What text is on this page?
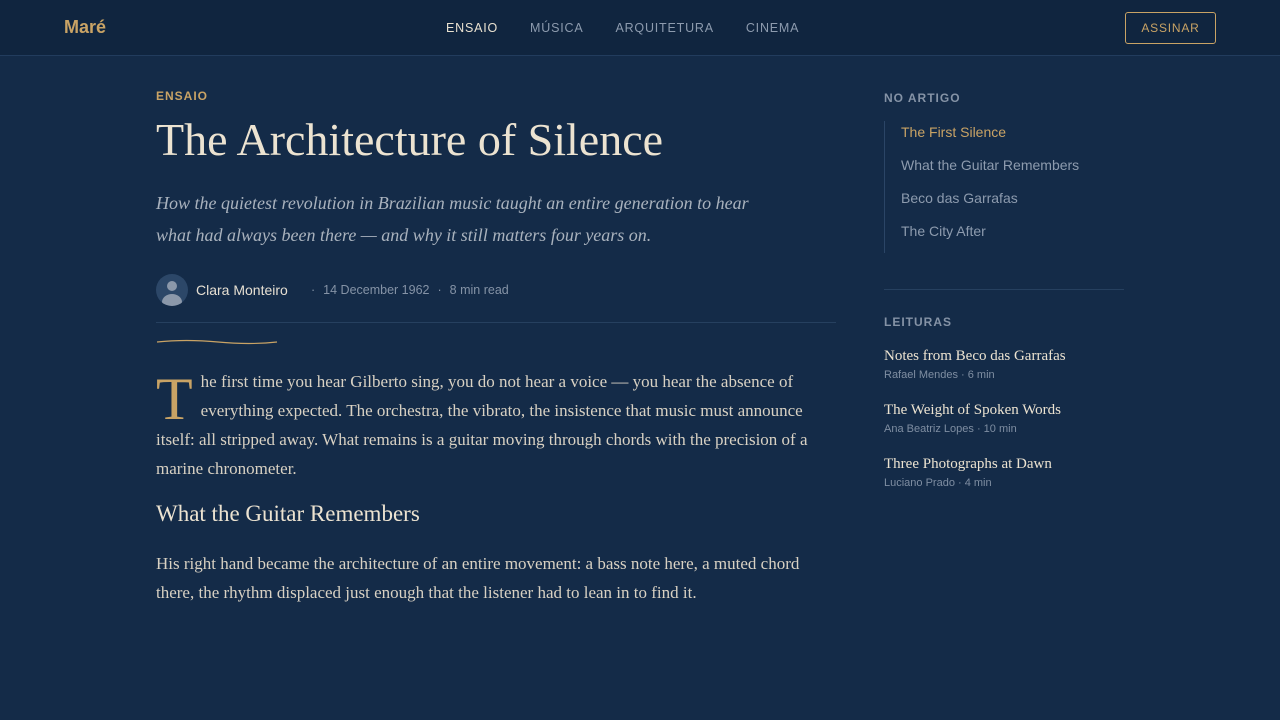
Maré	ENSAIO	MÚSICA	ARQUITETURA	CINEMA	ASSINAR
ENSAIO
The Architecture of Silence

How the quietest revolution in Brazilian music taught an entire generation to hear what had always been there — and why it still matters four years on.

Clara Monteiro	· 14 December 1962 · 8 min read
The first time you hear Gilberto sing, you do not hear a voice — you hear the absence of everything expected. The orchestra, the vibrato, the insistence that music must announce itself: all stripped away. What remains is a guitar moving through chords with the precision of a marine chronometer.
What the Guitar Remembers

His right hand became the architecture of an entire movement: a bass note here, a muted chord there, the rhythm displaced just enough that the listener had to lean in to find it.

NO ARTIGO
The First Silence
What the Guitar Remembers
Beco das Garrafas
The City After
LEITURAS
Notes from Beco das Garrafas
Rafael Mendes · 6 min
The Weight of Spoken Words
Ana Beatriz Lopes · 10 min
Three Photographs at Dawn
Luciano Prado · 4 min
